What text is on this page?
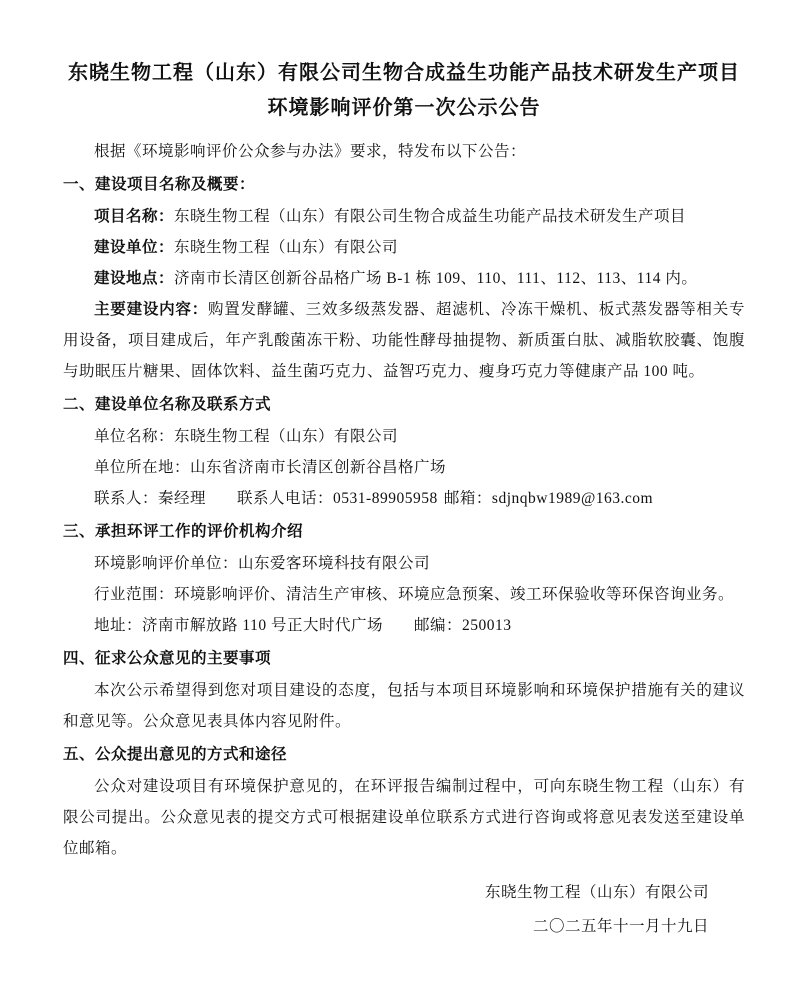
东晓生物工程（山东）有限公司生物合成益生功能产品技术研发生产项目环境影响评价第一次公示公告

根据《环境影响评价公众参与办法》要求，特发布以下公告：

一、建设项目名称及概要：

项目名称：东晓生物工程（山东）有限公司生物合成益生功能产品技术研发生产项目

建设单位：东晓生物工程（山东）有限公司

建设地点：济南市长清区创新谷品格广场 B-1 栋 109、110、111、112、113、114 内。

主要建设内容：购置发酵罐、三效多级蒸发器、超滤机、冷冻干燥机、板式蒸发器等相关专用设备，项目建成后，年产乳酸菌冻干粉、功能性酵母抽提物、新质蛋白肽、减脂软胶囊、饱腹与助眠压片糖果、固体饮料、益生菌巧克力、益智巧克力、瘦身巧克力等健康产品 100 吨。

二、建设单位名称及联系方式

单位名称：东晓生物工程（山东）有限公司

单位所在地：山东省济南市长清区创新谷昌格广场

联系人：秦经理 联系人电话：0531-89905958 邮箱：sdjnqbw1989@163.com

三、承担环评工作的评价机构介绍

环境影响评价单位：山东爱客环境科技有限公司

行业范围：环境影响评价、清洁生产审核、环境应急预案、竣工环保验收等环保咨询业务。

地址：济南市解放路 110 号正大时代广场 邮编：250013

四、征求公众意见的主要事项

本次公示希望得到您对项目建设的态度，包括与本项目环境影响和环境保护措施有关的建议和意见等。公众意见表具体内容见附件。

五、公众提出意见的方式和途径

公众对建设项目有环境保护意见的，在环评报告编制过程中，可向东晓生物工程（山东）有限公司提出。公众意见表的提交方式可根据建设单位联系方式进行咨询或将意见表发送至建设单位邮箱。

东晓生物工程（山东）有限公司
二〇二五年十一月十九日
